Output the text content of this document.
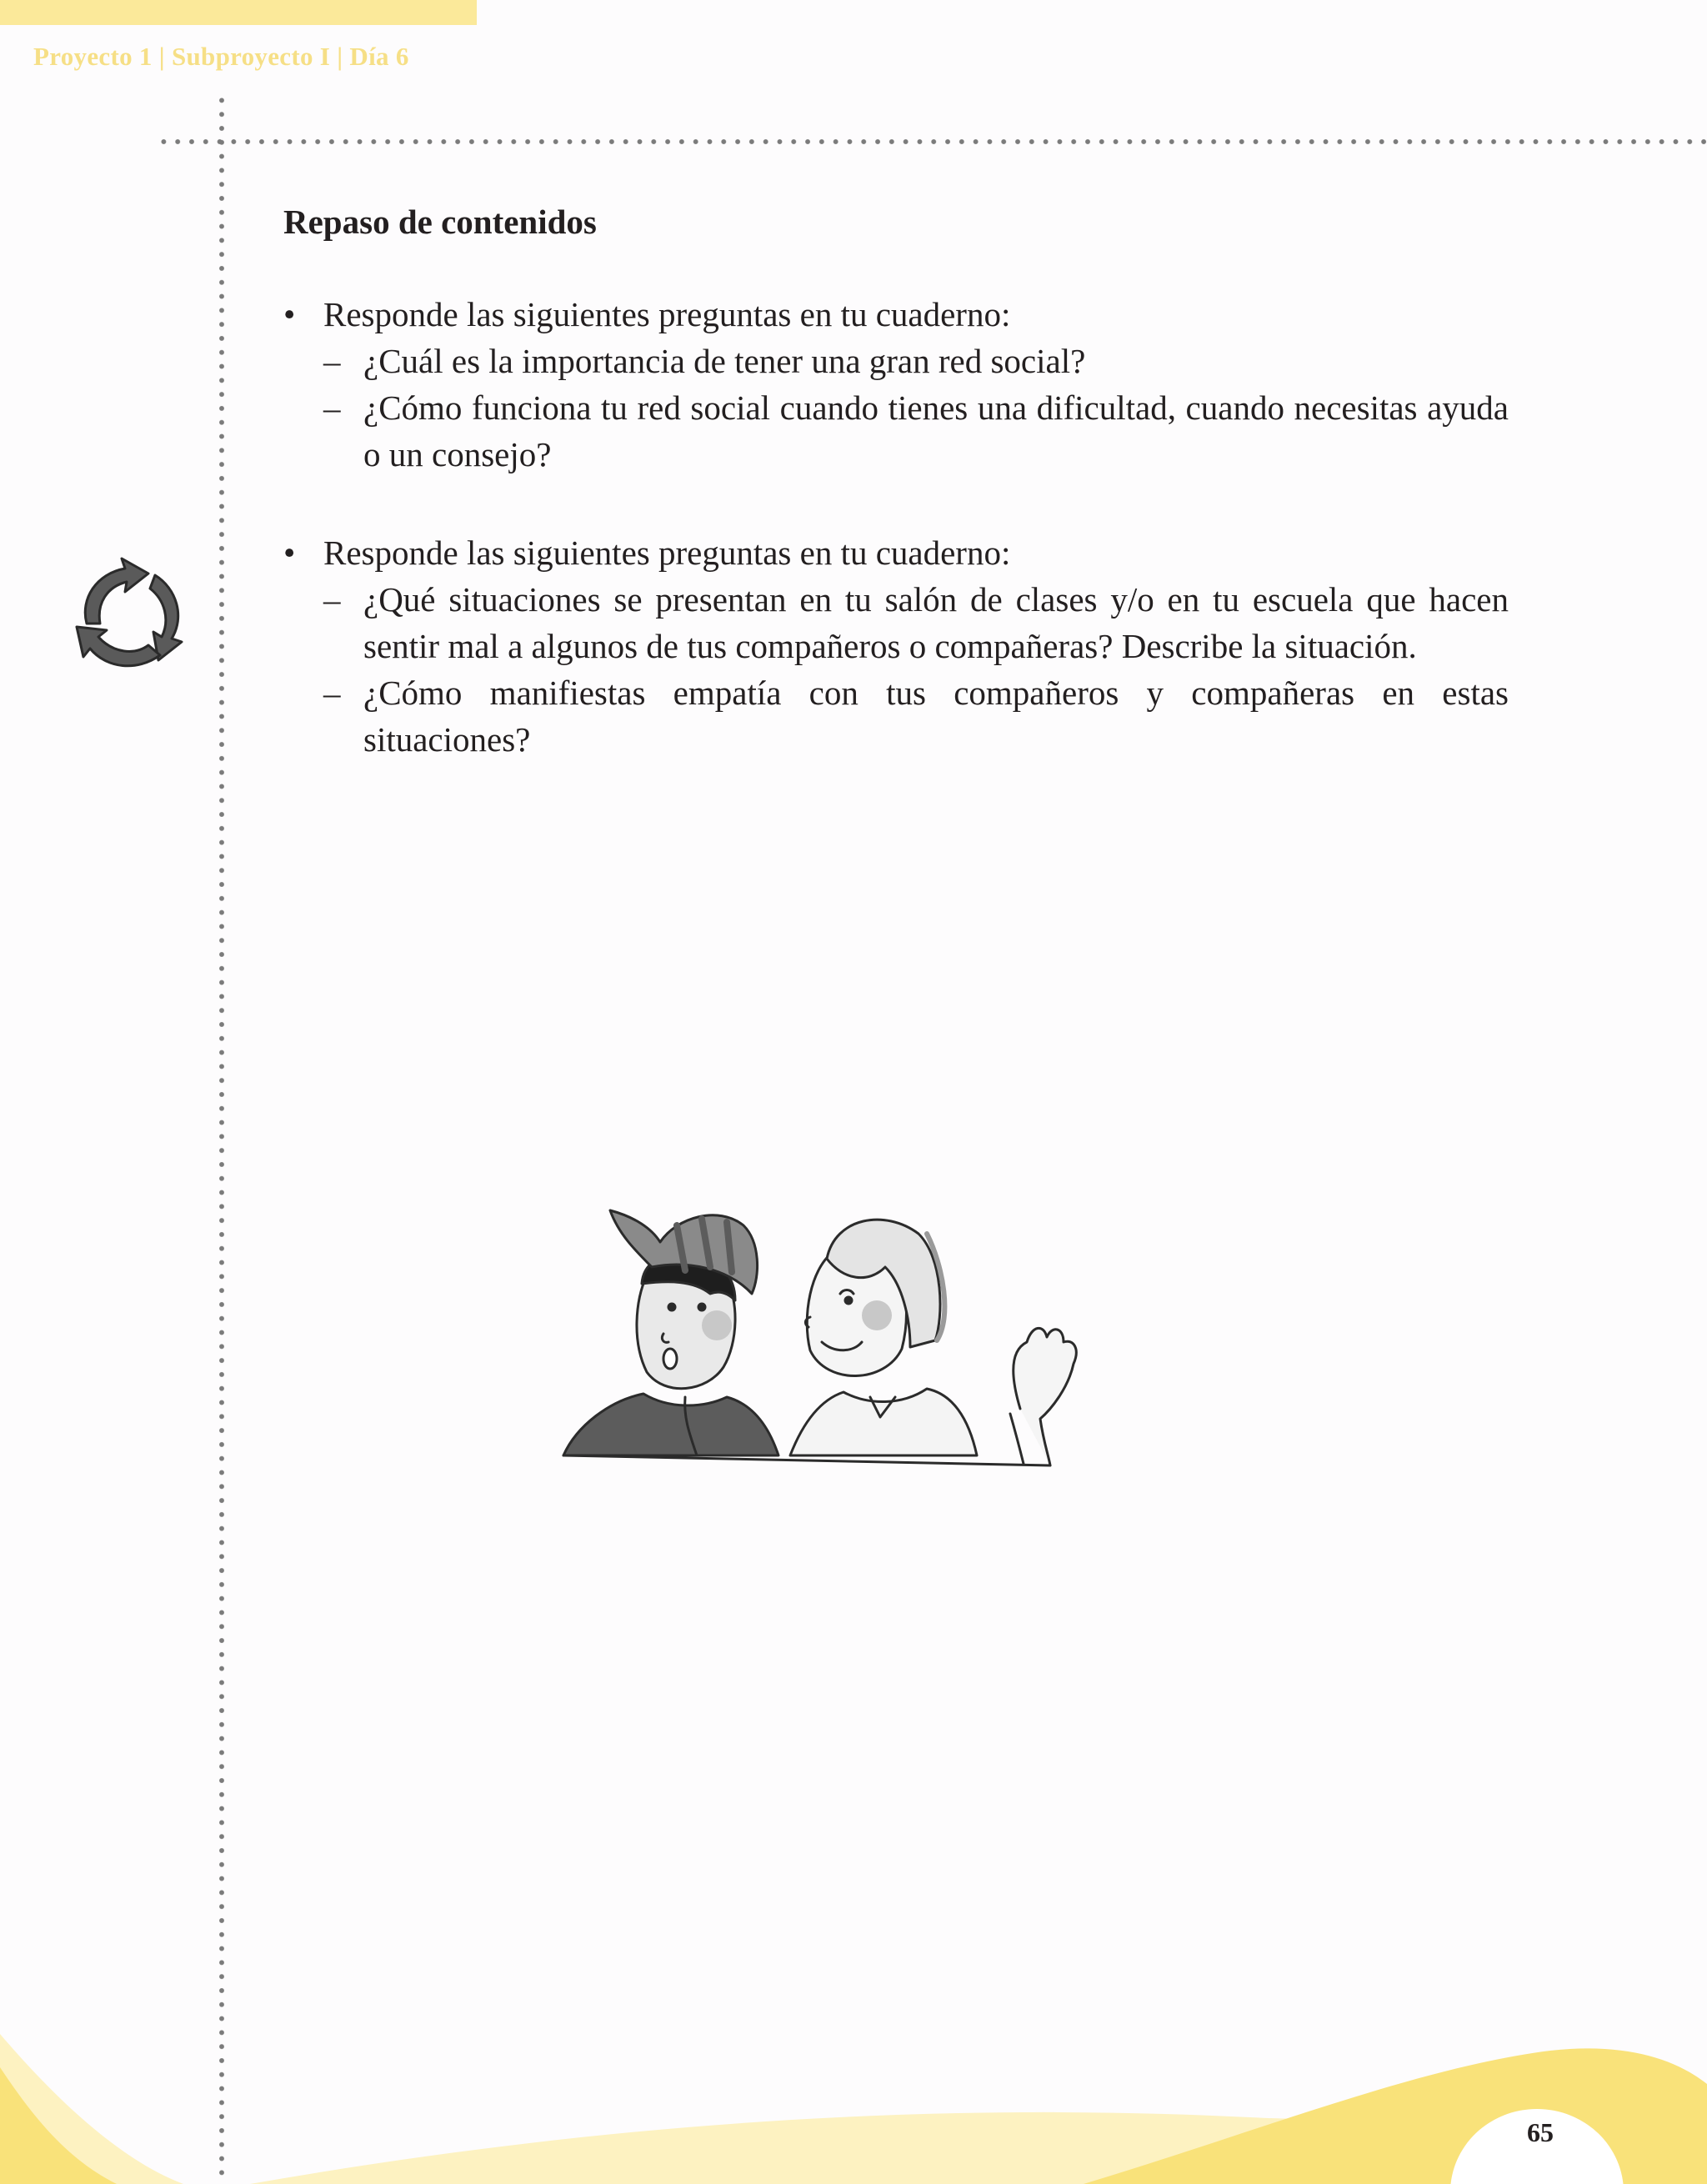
Proyecto 1 | Subproyecto I | Día 6
Repaso de contenidos
• Responde las siguientes preguntas en tu cuaderno:
– ¿Cuál es la importancia de tener una gran red social?
– ¿Cómo funciona tu red social cuando tienes una dificultad, cuando necesitas ayuda o un consejo?
• Responde las siguientes preguntas en tu cuaderno:
– ¿Qué situaciones se presentan en tu salón de clases y/o en tu escuela que hacen sentir mal a algunos de tus compañeros o compañeras? Describe la situación.
– ¿Cómo manifiestas empatía con tus compañeros y compañeras en estas situaciones?
65
